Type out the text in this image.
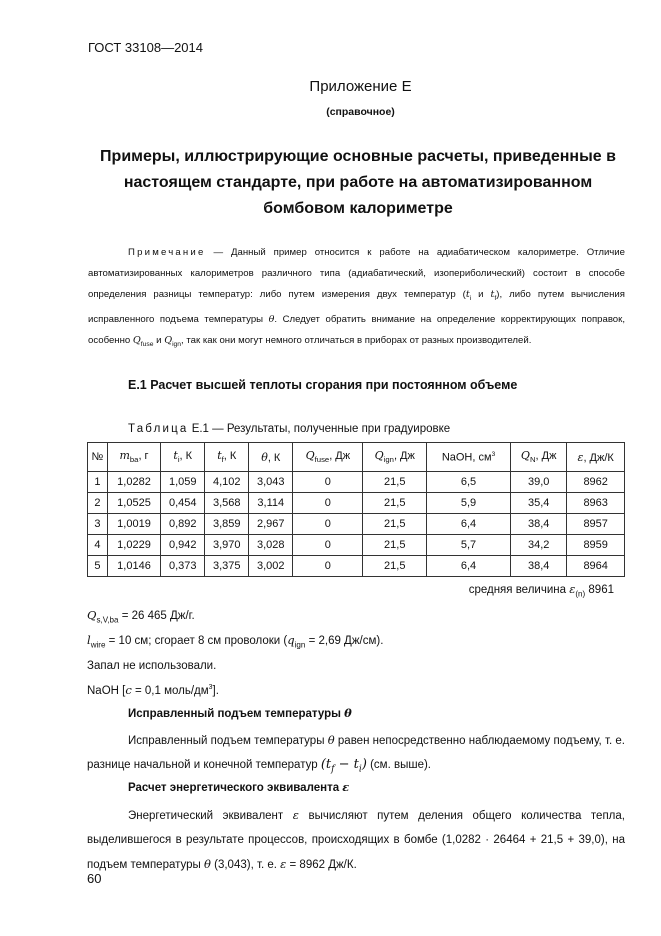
ГОСТ 33108—2014
Приложение Е
(справочное)
Примеры, иллюстрирующие основные расчеты, приведенные в настоящем стандарте, при работе на автоматизированном бомбовом калориметре
Примечание — Данный пример относится к работе на адиабатическом калориметре. Отличие автоматизированных калориметров различного типа (адиабатический, изопериболический) состоит в способе определения разницы температур: либо путем измерения двух температур ($t_i$ и $t_f$), либо путем вычисления исправленного подъема температуры θ. Следует обратить внимание на определение корректирующих поправок, особенно $Q_{fuse}$ и $Q_{ign}$, так как они могут немного отличаться в приборах от разных производителей.
Е.1 Расчет высшей теплоты сгорания при постоянном объеме
Таблица Е.1 — Результаты, полученные при градуировке
№	$m_{ba}$, г	$t_i$, К	$t_f$, К	θ, К	$Q_{fuse}$, Дж	$Q_{ign}$, Дж	NaOH, $см^3$	$Q_N$, Дж	ε, Дж/К
1	1,0282	1,059	4,102	3,043	0	21,5	6,5	39,0	8962
2	1,0525	0,454	3,568	3,114	0	21,5	5,9	35,4	8963
3	1,0019	0,892	3,859	2,967	0	21,5	6,4	38,4	8957
4	1,0229	0,942	3,970	3,028	0	21,5	5,7	34,2	8959
5	1,0146	0,373	3,375	3,002	0	21,5	6,4	38,4	8964
средняя величина $\varepsilon_{(n)}$ 8961
$Q_{s,V,ba} = 26$ 465 Дж/г.
$l_{wire} = 10$ см; сгорает 8 см проволоки ($q_{ign} = 2,69$ Дж/см).
Запал не использовали.
NaOH [c = 0,1 моль/$дм^3$].
Исправленный подъем температуры θ
Исправленный подъем температуры θ равен непосредственно наблюдаемому подъему, т. е. разнице начальной и конечной температур $(t_f - t_i)$ (см. выше).
Расчет энергетического эквивалента ε
Энергетический эквивалент ε вычисляют путем деления общего количества тепла, выделившегося в результате процессов, происходящих в бомбе (1,0282 · 26464 + 21,5 + 39,0), на подъем температуры θ (3,043), т. е. ε = 8962 Дж/К.
60
